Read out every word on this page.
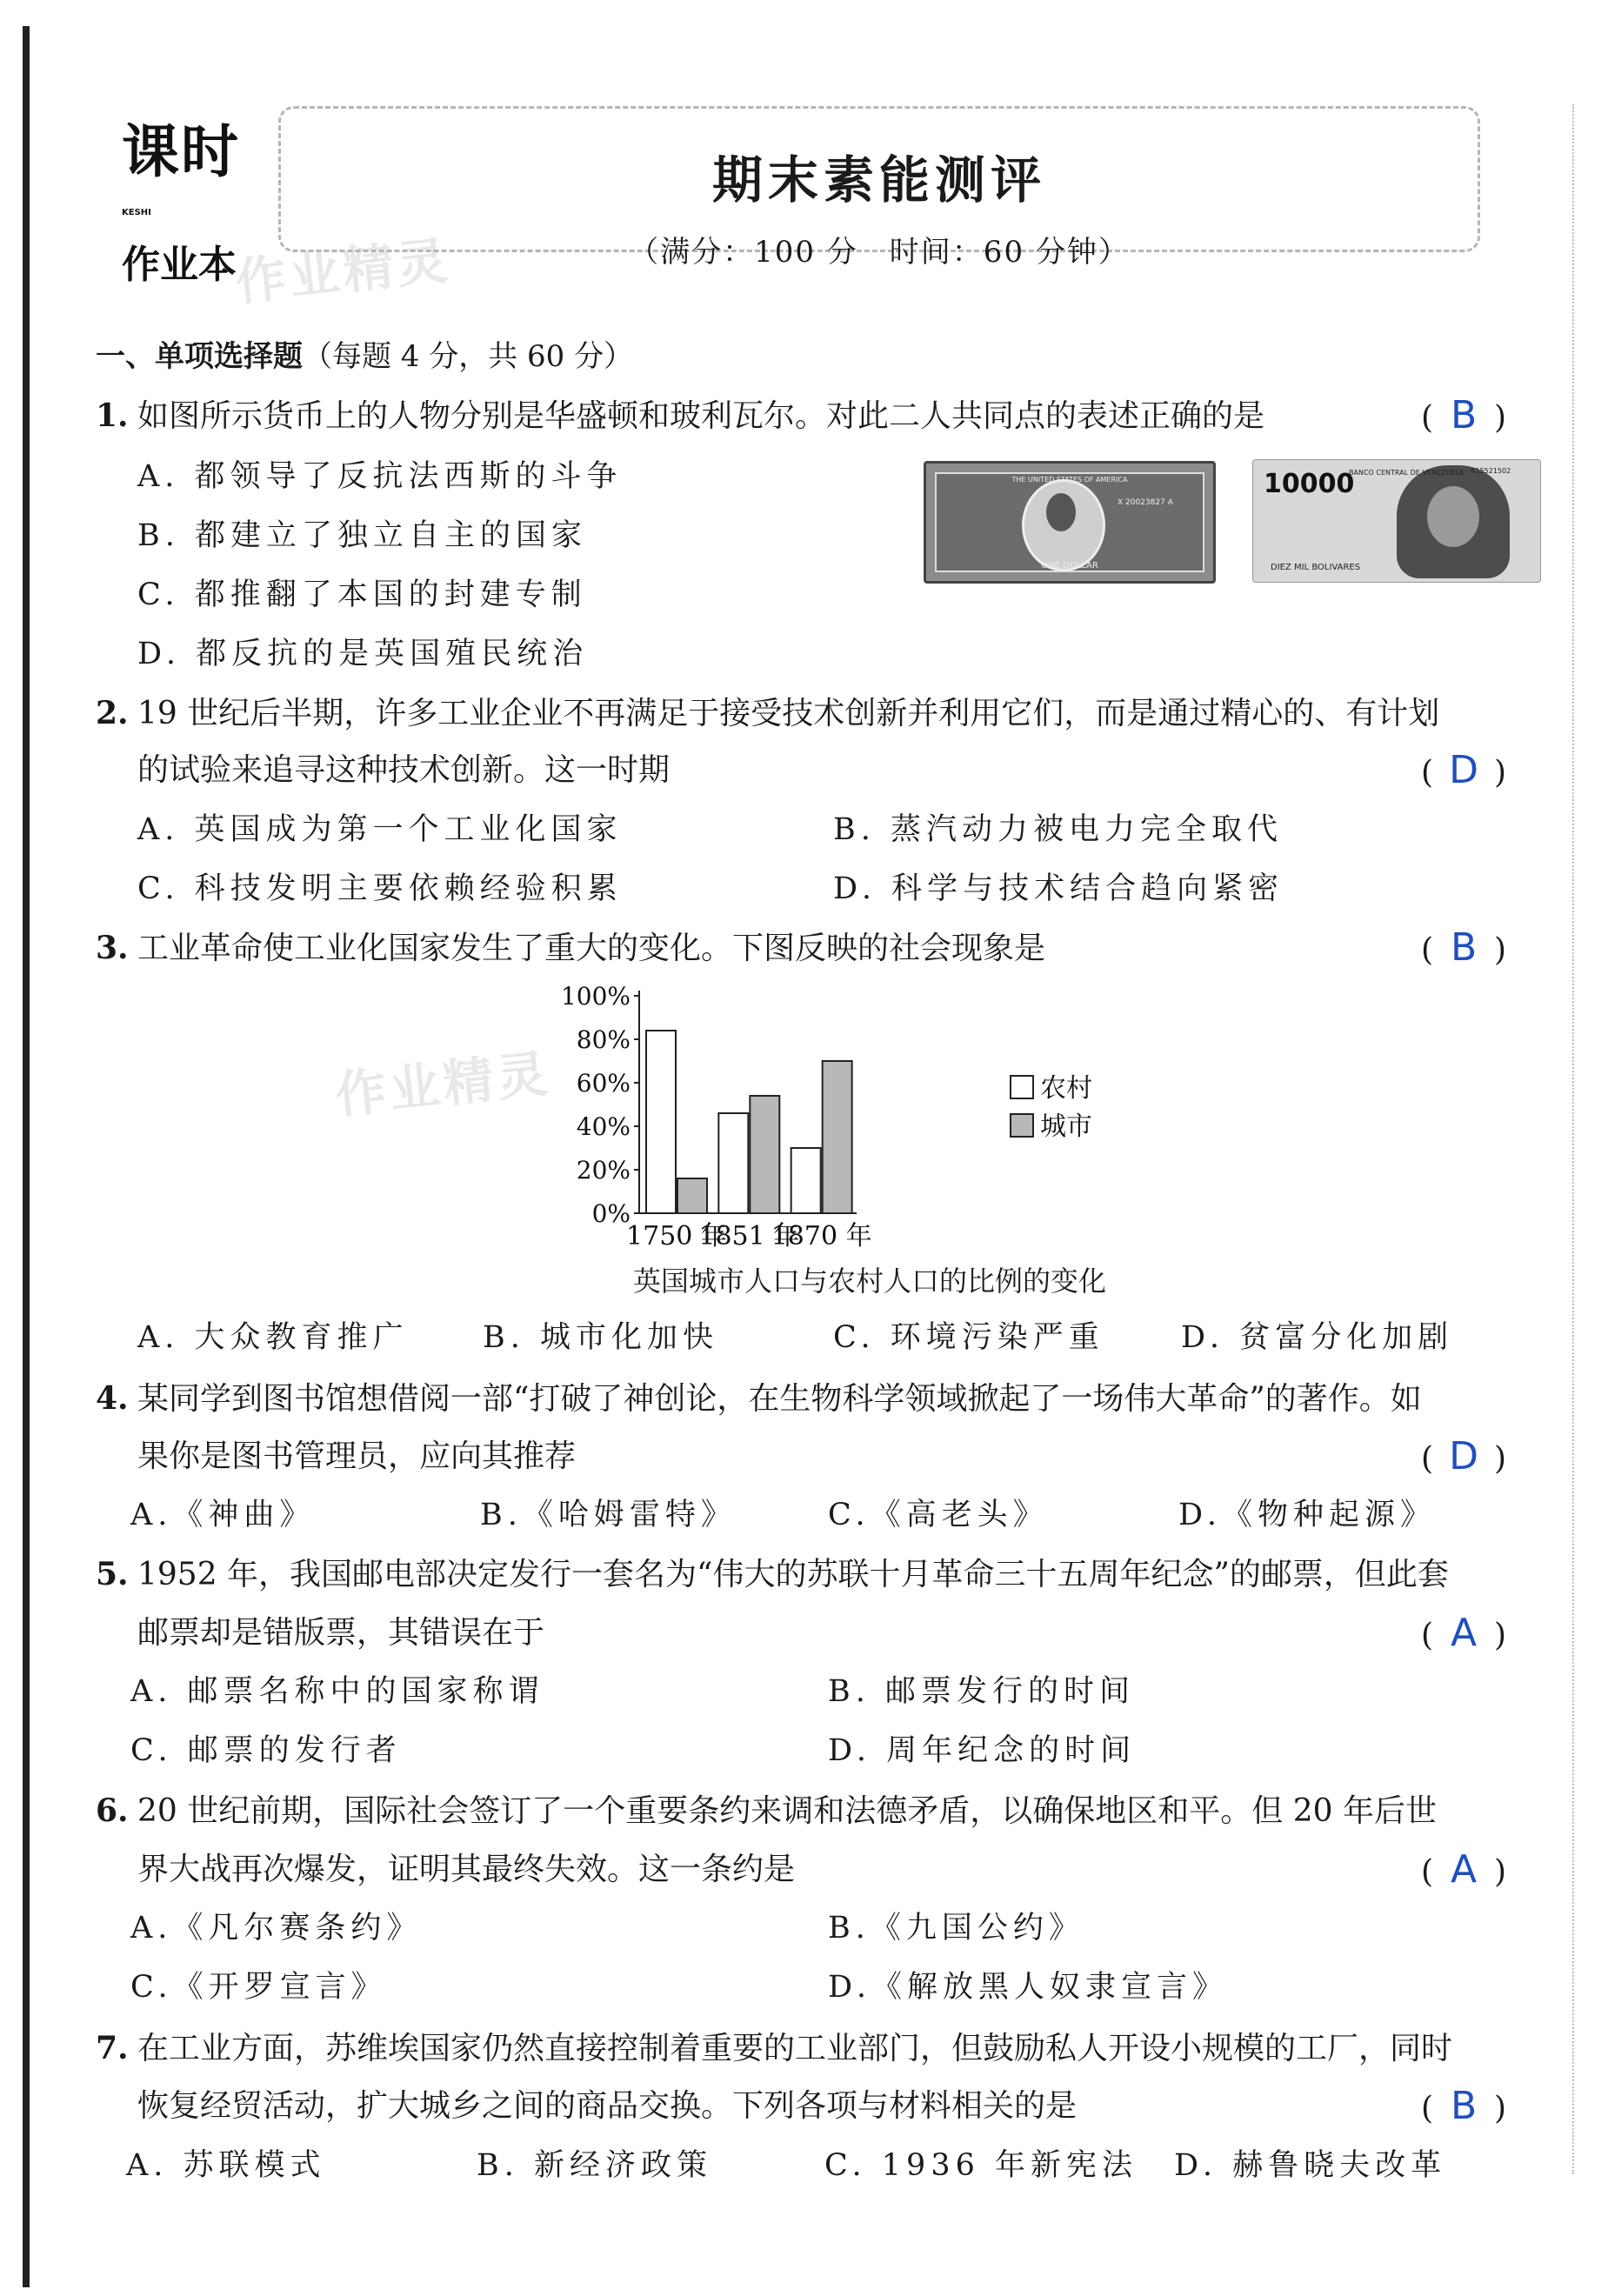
课时$^{KESHI}$
作业本
作业精灵
作业精灵
期末素能测评
（满分：100 分　时间：60 分钟）
一、单项选择题（每题 4 分，共 60 分）
1. 如图所示货币上的人物分别是华盛顿和玻利瓦尔。对此二人共同点的表述正确的是	( B )
A. 都领导了反抗法西斯的斗争
B. 都建立了独立自主的国家
C. 都推翻了本国的封建专制
D. 都反抗的是英国殖民统治
THE UNITED STATES OF AMERICA
X 20023827 A
ONE DOLLAR
10000
BANCO CENTRAL DE VENEZUELA A15521502
DIEZ MIL BOLIVARES
2. 19 世纪后半期，许多工业企业不再满足于接受技术创新并利用它们，而是通过精心的、有计划
的试验来追寻这种技术创新。这一时期	( D )
A. 英国成为第一个工业化国家	B. 蒸汽动力被电力完全取代
C. 科技发明主要依赖经验积累	D. 科学与技术结合趋向紧密
3. 工业革命使工业化国家发生了重大的变化。下图反映的社会现象是	( B )
0%
20%
40%
60%
80%
100%
1750 年
1851 年
1870 年
农村
城市
英国城市人口与农村人口的比例的变化
A. 大众教育推广 B. 城市化加快	C. 环境污染严重	D. 贫富分化加剧
4. 某同学到图书馆想借阅一部“打破了神创论，在生物科学领域掀起了一场伟大革命”的著作。如
果你是图书管理员，应向其推荐	( D )
A.《神曲》	B.《哈姆雷特》	C.《高老头》	D.《物种起源》
5. 1952 年，我国邮电部决定发行一套名为“伟大的苏联十月革命三十五周年纪念”的邮票，但此套
邮票却是错版票，其错误在于	( A )
A. 邮票名称中的国家称谓	B. 邮票发行的时间
C. 邮票的发行者	D. 周年纪念的时间
6. 20 世纪前期，国际社会签订了一个重要条约来调和法德矛盾，以确保地区和平。但 20 年后世
界大战再次爆发，证明其最终失效。这一条约是	( A )
A.《凡尔赛条约》	B.《九国公约》
C.《开罗宣言》	D.《解放黑人奴隶宣言》
7. 在工业方面，苏维埃国家仍然直接控制着重要的工业部门，但鼓励私人开设小规模的工厂，同时
恢复经贸活动，扩大城乡之间的商品交换。下列各项与材料相关的是	( B )
A. 苏联模式	B. 新经济政策	C. 1936 年新宪法 D. 赫鲁晓夫改革
